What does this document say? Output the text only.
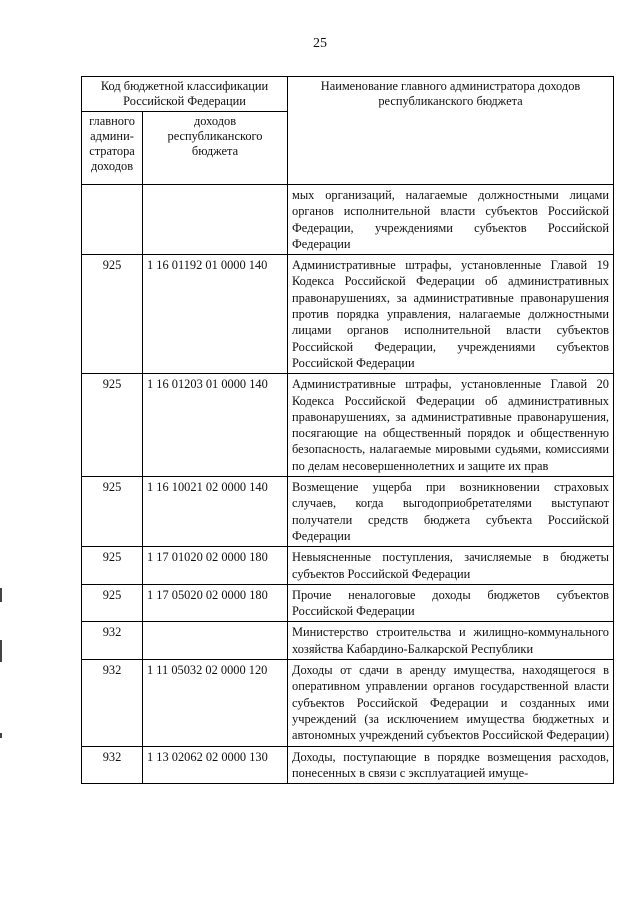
25
Код бюджетной классификации Российской Федерации		Наименование главного администратора доходов республиканского бюджета
главного админи-стратора доходов	доходов республиканского бюджета	
		мых организаций, налагаемые должностными лицами органов исполнительной власти субъектов Российской Федерации, учреждениями субъектов Российской Федерации
925	1 16 01192 01 0000 140	Административные штрафы, установленные Главой 19 Кодекса Российской Федерации об административных правонарушениях, за административные правонарушения против порядка управления, налагаемые должностными лицами органов исполнительной власти субъектов Российской Федерации, учреждениями субъектов Российской Федерации
925	1 16 01203 01 0000 140	Административные штрафы, установленные Главой 20 Кодекса Российской Федерации об административных правонарушениях, за административные правонарушения, посягающие на общественный порядок и общественную безопасность, налагаемые мировыми судьями, комиссиями по делам несовершеннолетних и защите их прав
925	1 16 10021 02 0000 140	Возмещение ущерба при возникновении страховых случаев, когда выгодоприобретателями выступают получатели средств бюджета субъекта Российской Федерации
925	1 17 01020 02 0000 180	Невыясненные поступления, зачисляемые в бюджеты субъектов Российской Федерации
925	1 17 05020 02 0000 180	Прочие неналоговые доходы бюджетов субъектов Российской Федерации
932		Министерство строительства и жилищно-коммунального хозяйства Кабардино-Балкарской Республики
932	1 11 05032 02 0000 120	Доходы от сдачи в аренду имущества, находящегося в оперативном управлении органов государственной власти субъектов Российской Федерации и созданных ими учреждений (за исключением имущества бюджетных и автономных учреждений субъектов Российской Федерации)
932	1 13 02062 02 0000 130	Доходы, поступающие в порядке возмещения расходов, понесенных в связи с эксплуатацией имуще-
